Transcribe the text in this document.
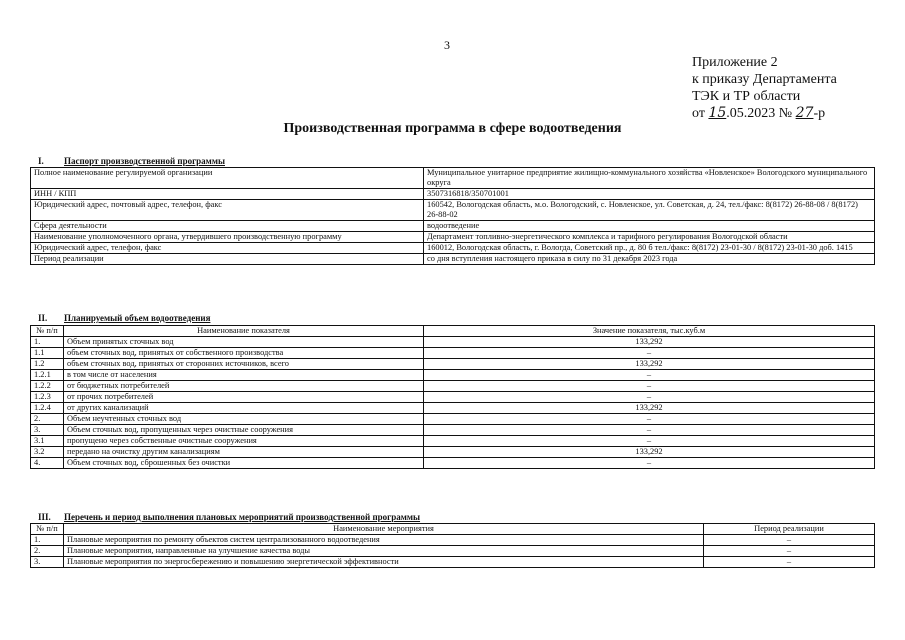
3
Приложение 2
к приказу Департамента
ТЭК и ТР области
от 15.05.2023 № 27-р
Производственная программа в сфере водоотведения
I. Паспорт производственной программы
Полное наименование регулируемой организации	Муниципальное унитарное предприятие жилищно-коммунального хозяйства «Новленское» Вологодского муниципального округа
ИНН / КПП	3507316818/350701001
Юридический адрес, почтовый адрес, телефон, факс	160542, Вологодская область, м.о. Вологодский, с. Новленское, ул. Советская, д. 24, тел./факс: 8(8172) 26-88-08 / 8(8172) 26-88-02
Сфера деятельности	водоотведение
Наименование уполномоченного органа, утвердившего производственную программу	Департамент топливно-энергетического комплекса и тарифного регулирования Вологодской области
Юридический адрес, телефон, факс	160012, Вологодская область, г. Вологда, Советский пр., д. 80 б тел./факс: 8(8172) 23-01-30 / 8(8172) 23-01-30 доб. 1415
Период реализации	со дня вступления настоящего приказа в силу по 31 декабря 2023 года
II. Планируемый объем водоотведения
№ п/п	Наименование показателя	Значение показателя, тыс.куб.м
1.	Объем принятых сточных вод	133,292
1.1	объем сточных вод, принятых от собственного производства	–
1.2	объем сточных вод, принятых от сторонних источников, всего	133,292
1.2.1	в том числе от населения	–
1.2.2	от бюджетных потребителей	–
1.2.3	от прочих потребителей	–
1.2.4	от других канализаций	133,292
2.	Объем неучтенных сточных вод	–
3.	Объем сточных вод, пропущенных через очистные сооружения	–
3.1	пропущено через собственные очистные сооружения	–
3.2	передано на очистку другим канализациям	133,292
4.	Объем сточных вод, сброшенных без очистки	–
III. Перечень и период выполнения плановых мероприятий производственной программы
№ п/п	Наименование мероприятия	Период реализации
1.	Плановые мероприятия по ремонту объектов систем централизованного водоотведения	–
2.	Плановые мероприятия, направленные на улучшение качества воды	–
3.	Плановые мероприятия по энергосбережению и повышению энергетической эффективности	–
